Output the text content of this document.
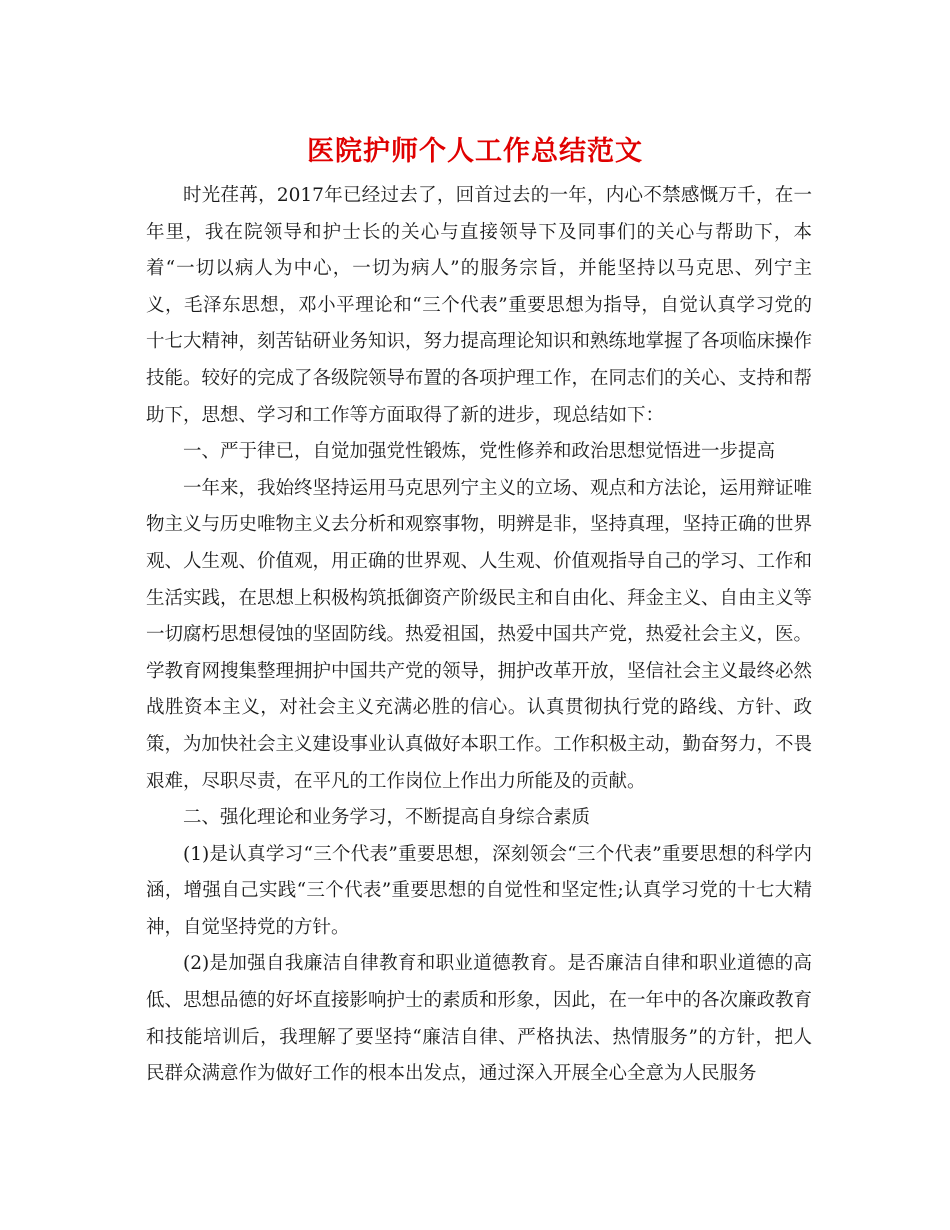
医院护师个人工作总结范文

时光荏苒，2017年已经过去了，回首过去的一年，内心不禁感慨万千，在一年里，我在院领导和护士长的关心与直接领导下及同事们的关心与帮助下，本着“一切以病人为中心，一切为病人”的服务宗旨，并能坚持以马克思、列宁主义，毛泽东思想，邓小平理论和“三个代表”重要思想为指导，自觉认真学习党的十七大精神，刻苦钻研业务知识，努力提高理论知识和熟练地掌握了各项临床操作技能。较好的完成了各级院领导布置的各项护理工作，在同志们的关心、支持和帮助下，思想、学习和工作等方面取得了新的进步，现总结如下：

一、严于律已，自觉加强党性锻炼，党性修养和政治思想觉悟进一步提高

一年来，我始终坚持运用马克思列宁主义的立场、观点和方法论，运用辩证唯物主义与历史唯物主义去分析和观察事物，明辨是非，坚持真理，坚持正确的世界观、人生观、价值观，用正确的世界观、人生观、价值观指导自己的学习、工作和生活实践，在思想上积极构筑抵御资产阶级民主和自由化、拜金主义、自由主义等一切腐朽思想侵蚀的坚固防线。热爱祖国，热爱中国共产党，热爱社会主义，医。学教育网搜集整理拥护中国共产党的领导，拥护改革开放，坚信社会主义最终必然战胜资本主义，对社会主义充满必胜的信心。认真贯彻执行党的路线、方针、政策，为加快社会主义建设事业认真做好本职工作。工作积极主动，勤奋努力，不畏艰难，尽职尽责，在平凡的工作岗位上作出力所能及的贡献。

二、强化理论和业务学习，不断提高自身综合素质

(1)是认真学习“三个代表”重要思想，深刻领会“三个代表”重要思想的科学内涵，增强自己实践“三个代表”重要思想的自觉性和坚定性;认真学习党的十七大精神，自觉坚持党的方针。

(2)是加强自我廉洁自律教育和职业道德教育。是否廉洁自律和职业道德的高低、思想品德的好坏直接影响护士的素质和形象，因此，在一年中的各次廉政教育和技能培训后，我理解了要坚持“廉洁自律、严格执法、热情服务”的方针，把人民群众满意作为做好工作的根本出发点，通过深入开展全心全意为人民服务
